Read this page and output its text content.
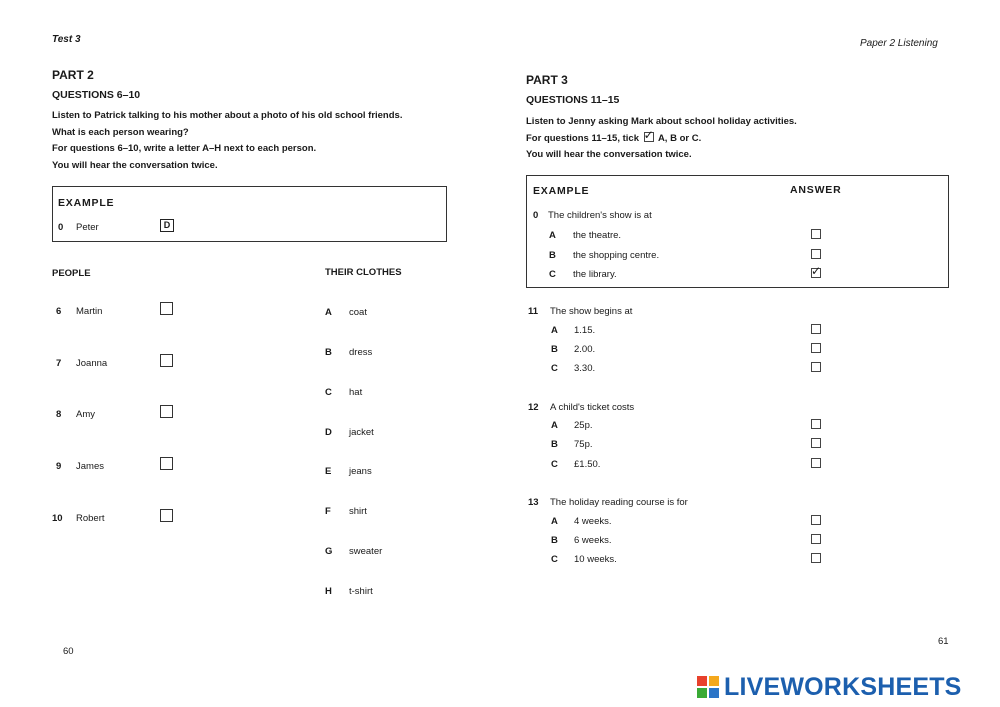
Test 3	Paper 2 Listening
PART 2
QUESTIONS 6–10
Listen to Patrick talking to his mother about a photo of his old school friends.
What is each person wearing?
For questions 6–10, write a letter A–H next to each person.
You will hear the conversation twice.
EXAMPLE
0 Peter	D
PEOPLE	THEIR CLOTHES
6 Martin
7 Joanna
8 Amy
9 James
10 Robert
A coat
B dress
C hat
D jacket
E jeans
F shirt
G sweater
H t-shirt
60
PART 3
QUESTIONS 11–15
Listen to Jenny asking Mark about school holiday activities.
For questions 11–15, tick ✓ A, B or C.
You will hear the conversation twice.
EXAMPLE	ANSWER
0 The children's show is at
A the theatre.
B the shopping centre.
C the library.	✓
11 The show begins at
A 1.15.
B 2.00.
C 3.30.
12 A child's ticket costs
A 25p.
B 75p.
C £1.50.
13 The holiday reading course is for
A 4 weeks.
B 6 weeks.
C 10 weeks.
61
LIVEWORKSHEETS
